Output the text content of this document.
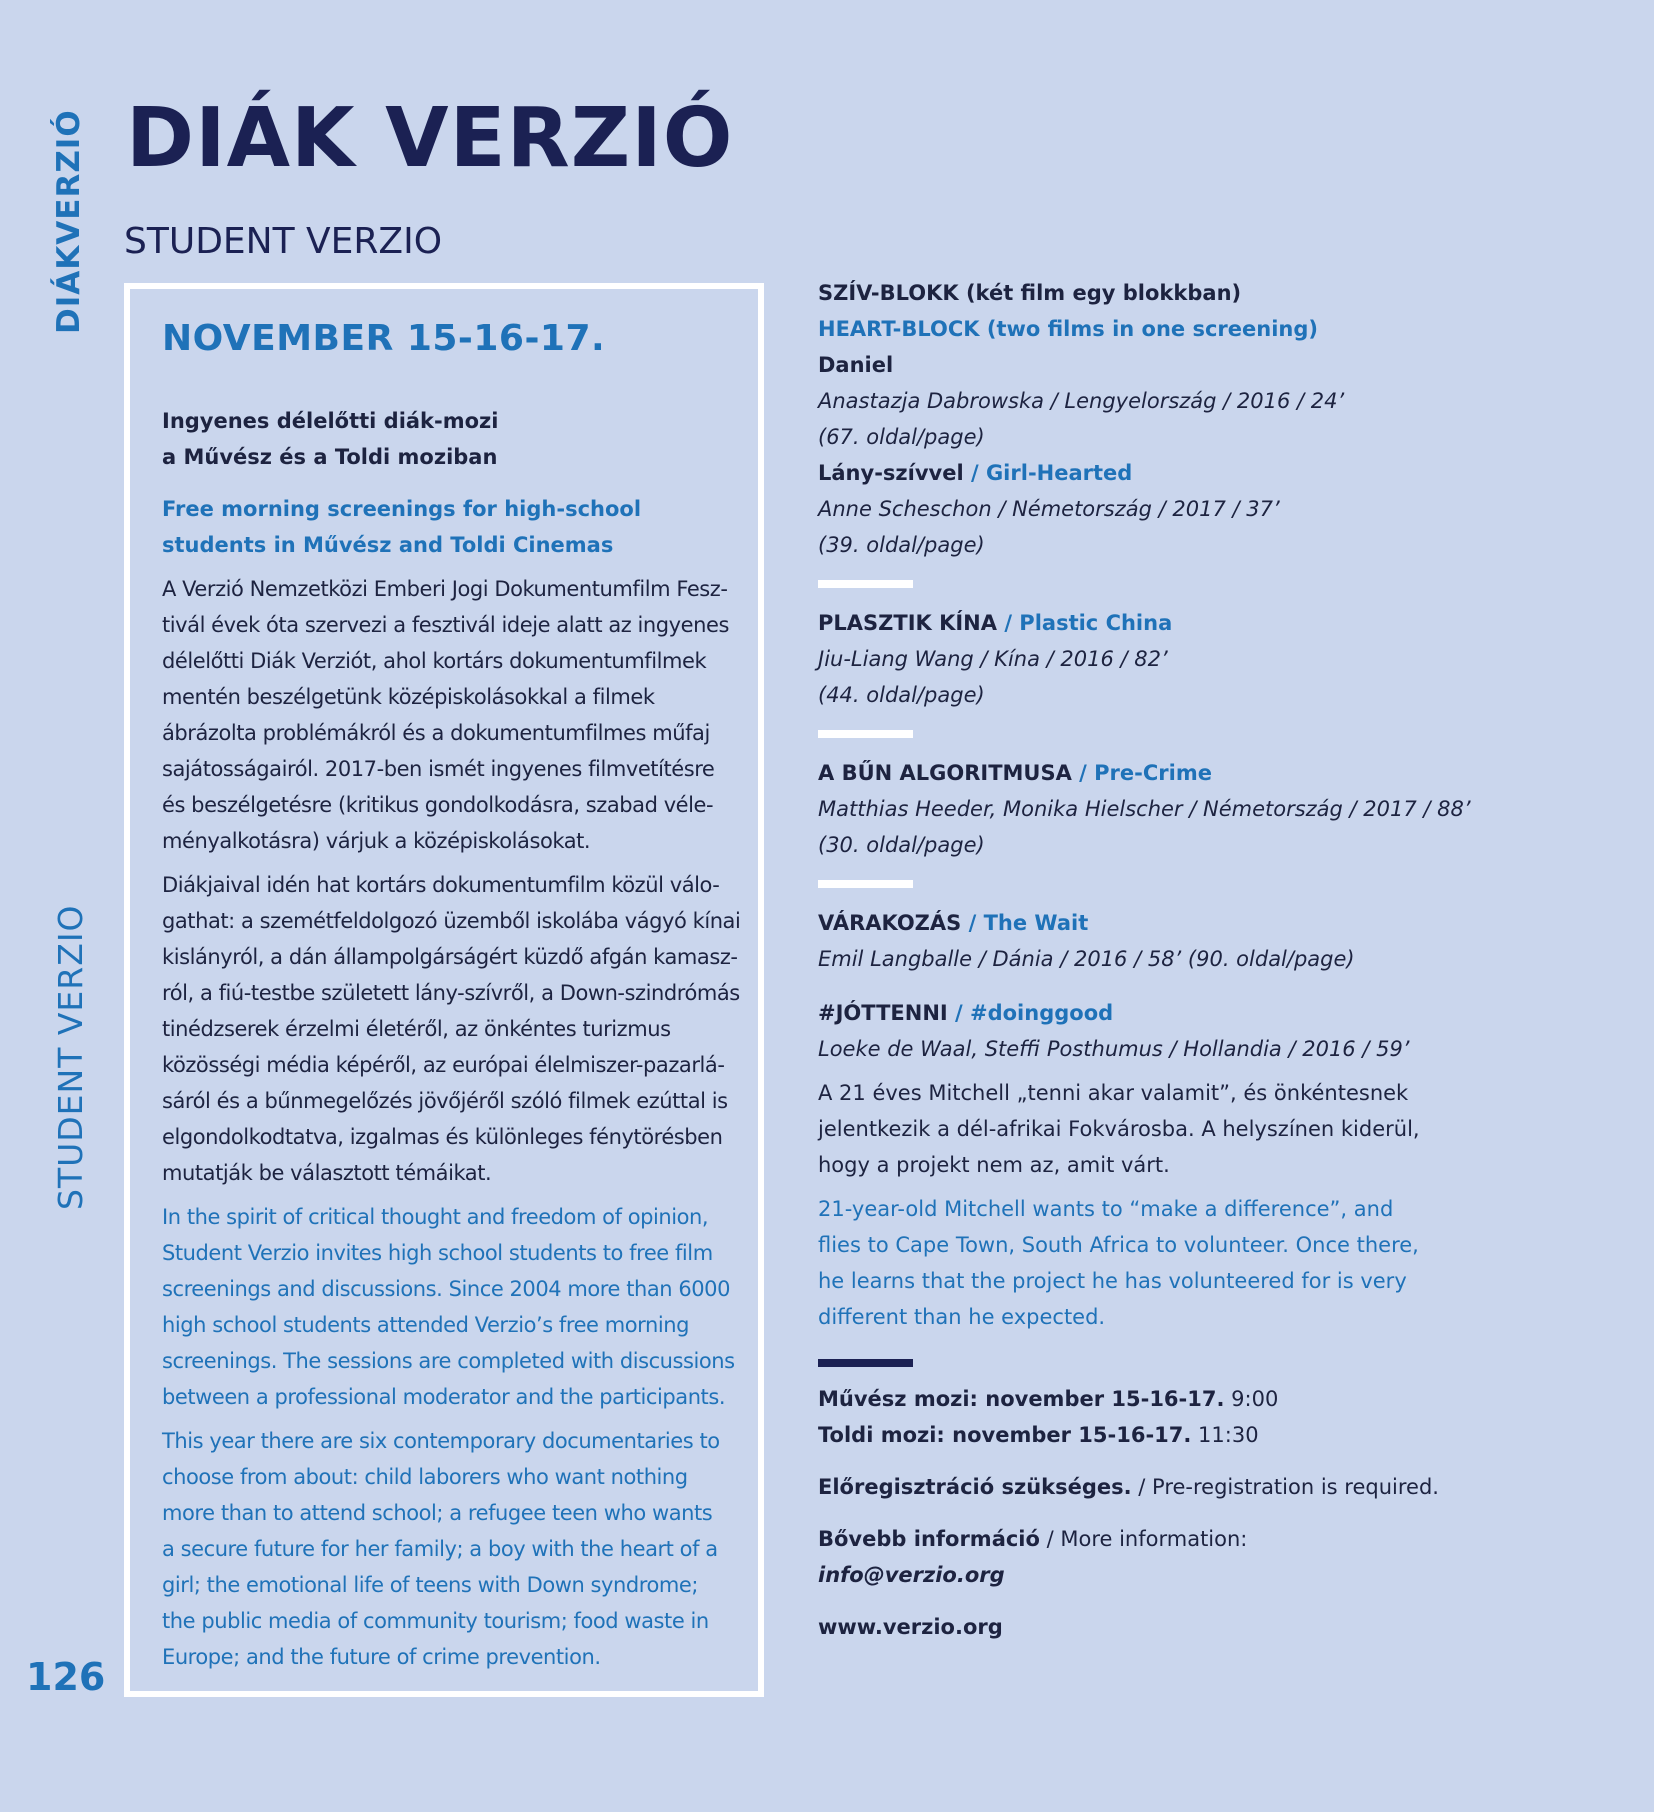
DIÁKVERZIÓ
STUDENT VERZIO
126
DIÁK VERZIÓ
STUDENT VERZIO
NOVEMBER 15-16-17.
Ingyenes délelőtti diák-mozi
a Művész és a Toldi moziban
Free morning screenings for high-school
students in Művész and Toldi Cinemas
A Verzió Nemzetközi Emberi Jogi Dokumentumfilm Fesz-
tivál évek óta szervezi a fesztivál ideje alatt az ingyenes
délelőtti Diák Verziót, ahol kortárs dokumentumfilmek
mentén beszélgetünk középiskolásokkal a filmek
ábrázolta problémákról és a dokumentumfilmes műfaj
sajátosságairól. 2017-ben ismét ingyenes filmvetítésre
és beszélgetésre (kritikus gondolkodásra, szabad véle-
ményalkotásra) várjuk a középiskolásokat.
Diákjaival idén hat kortárs dokumentumfilm közül válo-
gathat: a szemétfeldolgozó üzemből iskolába vágyó kínai
kislányról, a dán állampolgárságért küzdő afgán kamasz-
ról, a fiú-testbe született lány-szívről, a Down-szindrómás
tinédzserek érzelmi életéről, az önkéntes turizmus
közösségi média képéről, az európai élelmiszer-pazarlá-
sáról és a bűnmegelőzés jövőjéről szóló filmek ezúttal is
elgondolkodtatva, izgalmas és különleges fénytörésben
mutatják be választott témáikat.
In the spirit of critical thought and freedom of opinion,
Student Verzio invites high school students to free film
screenings and discussions. Since 2004 more than 6000
high school students attended Verzio’s free morning
screenings. The sessions are completed with discussions
between a professional moderator and the participants.
This year there are six contemporary documentaries to
choose from about: child laborers who want nothing
more than to attend school; a refugee teen who wants
a secure future for her family; a boy with the heart of a
girl; the emotional life of teens with Down syndrome;
the public media of community tourism; food waste in
Europe; and the future of crime prevention.
SZÍV-BLOKK (két film egy blokkban)
HEART-BLOCK (two films in one screening)
Daniel
Anastazja Dabrowska / Lengyelország / 2016 / 24’
(67. oldal/page)
Lány-szívvel / Girl-Hearted
Anne Scheschon / Németország / 2017 / 37’
(39. oldal/page)
PLASZTIK KÍNA / Plastic China
Jiu-Liang Wang / Kína / 2016 / 82’
(44. oldal/page)
A BŰN ALGORITMUSA / Pre-Crime
Matthias Heeder, Monika Hielscher / Németország / 2017 / 88’
(30. oldal/page)
VÁRAKOZÁS / The Wait
Emil Langballe / Dánia / 2016 / 58’ (90. oldal/page)
#JÓTTENNI / #doinggood
Loeke de Waal, Steffi Posthumus / Hollandia / 2016 / 59’
A 21 éves Mitchell „tenni akar valamit”, és önkéntesnek
jelentkezik a dél-afrikai Fokvárosba. A helyszínen kiderül,
hogy a projekt nem az, amit várt.
21-year-old Mitchell wants to “make a difference”, and
flies to Cape Town, South Africa to volunteer. Once there,
he learns that the project he has volunteered for is very
different than he expected.
Művész mozi: november 15-16-17. 9:00
Toldi mozi: november 15-16-17. 11:30
Előregisztráció szükséges. / Pre-registration is required.
Bővebb információ / More information:
info@verzio.org
www.verzio.org
